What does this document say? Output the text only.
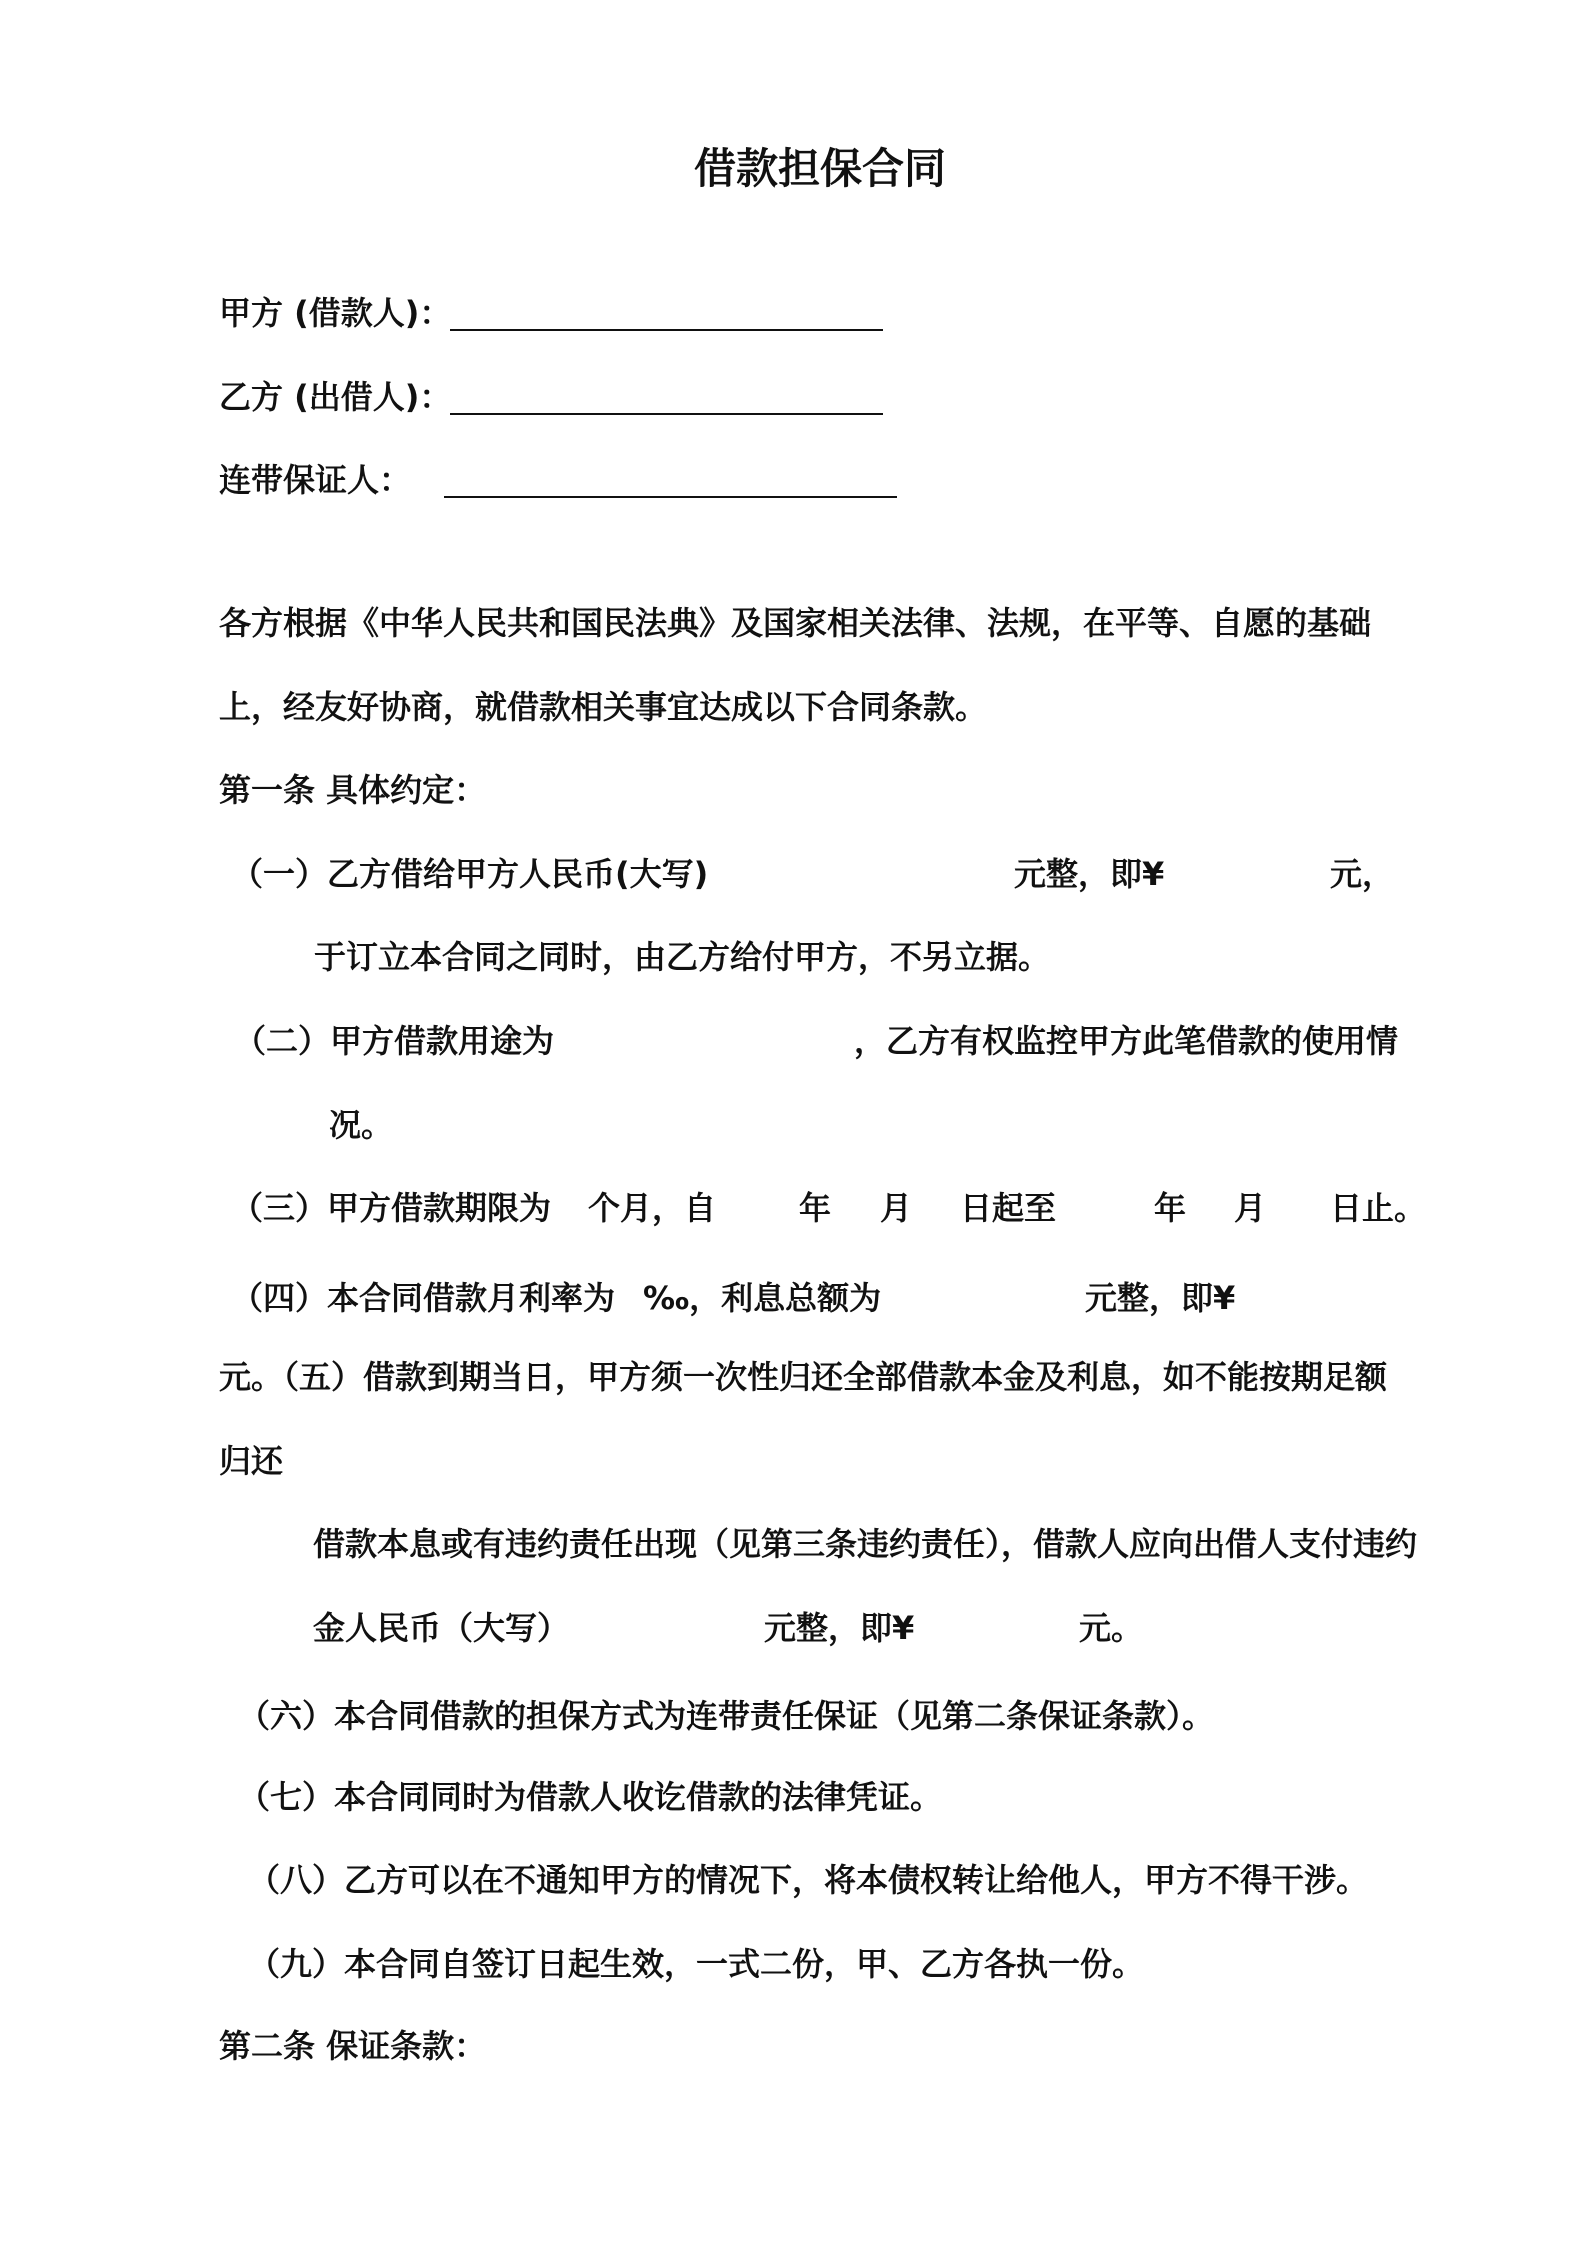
借款担保合同
甲方 (借款人)：
乙方 (出借人)：
连带保证人：
各方根据《中华人民共和国民法典》及国家相关法律、法规，在平等、自愿的基础
上，经友好协商，就借款相关事宜达成以下合同条款。
第一条 具体约定：
（一）乙方借给甲方人民币(大写)	元整，即¥	元，
于订立本合同之同时，由乙方给付甲方，不另立据。
（二）甲方借款用途为	，乙方有权监控甲方此笔借款的使用情
况。
（三）甲方借款期限为 个月，自	年 月 日起至	年 月 日止。
（四）本合同借款月利率为 ‰，利息总额为	元整，即¥
元。（五）借款到期当日，甲方须一次性归还全部借款本金及利息，如不能按期足额
归还
借款本息或有违约责任出现（见第三条违约责任），借款人应向出借人支付违约
金人民币（大写）	元整，即¥	元。
（六）本合同借款的担保方式为连带责任保证（见第二条保证条款）。
（七）本合同同时为借款人收讫借款的法律凭证。
（八）乙方可以在不通知甲方的情况下，将本债权转让给他人，甲方不得干涉。
（九）本合同自签订日起生效，一式二份，甲、乙方各执一份。
第二条 保证条款：
